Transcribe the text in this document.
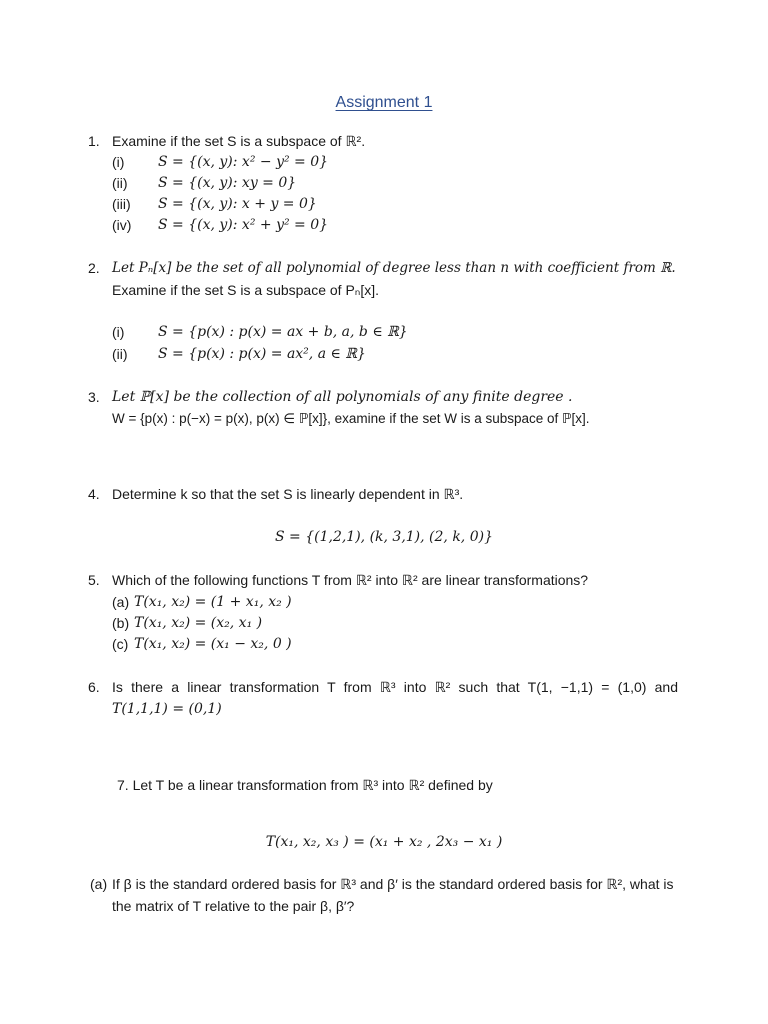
Assignment 1
1. Examine if the set S is a subspace of ℝ².
(i) S = {(x, y): x² − y² = 0}
(ii) S = {(x, y): xy = 0}
(iii) S = {(x, y): x + y = 0}
(iv) S = {(x, y): x² + y² = 0}
2. Let Pₙ[x] be the set of all polynomial of degree less than n with coefficient from ℝ.
Examine if the set S is a subspace of Pₙ[x].
(i) S = {p(x) : p(x) = ax + b, a, b ∈ ℝ}
(ii) S = {p(x) : p(x) = ax², a ∈ ℝ}
3. Let ℙ[x] be the collection of all polynomials of any finite degree .
W = {p(x) : p(−x) = p(x), p(x) ∈ ℙ[x]}, examine if the set W is a subspace of ℙ[x].
4. Determine k so that the set S is linearly dependent in ℝ³.
S = {(1,2,1), (k, 3,1), (2, k, 0)}
5. Which of the following functions T from ℝ² into ℝ² are linear transformations?
(a) T(x₁, x₂) = (1 + x₁, x₂ )
(b) T(x₁, x₂) = (x₂, x₁ )
(c) T(x₁, x₂) = (x₁ − x₂, 0 )
6. Is there a linear transformation T from ℝ³ into ℝ² such that T(1, −1,1) = (1,0) and
T(1,1,1) = (0,1)
7. Let T be a linear transformation from ℝ³ into ℝ² defined by
T(x₁, x₂, x₃ ) = (x₁ + x₂ , 2x₃ − x₁ )
(a) If β is the standard ordered basis for ℝ³ and β′ is the standard ordered basis for ℝ², what is
the matrix of T relative to the pair β, β′?
